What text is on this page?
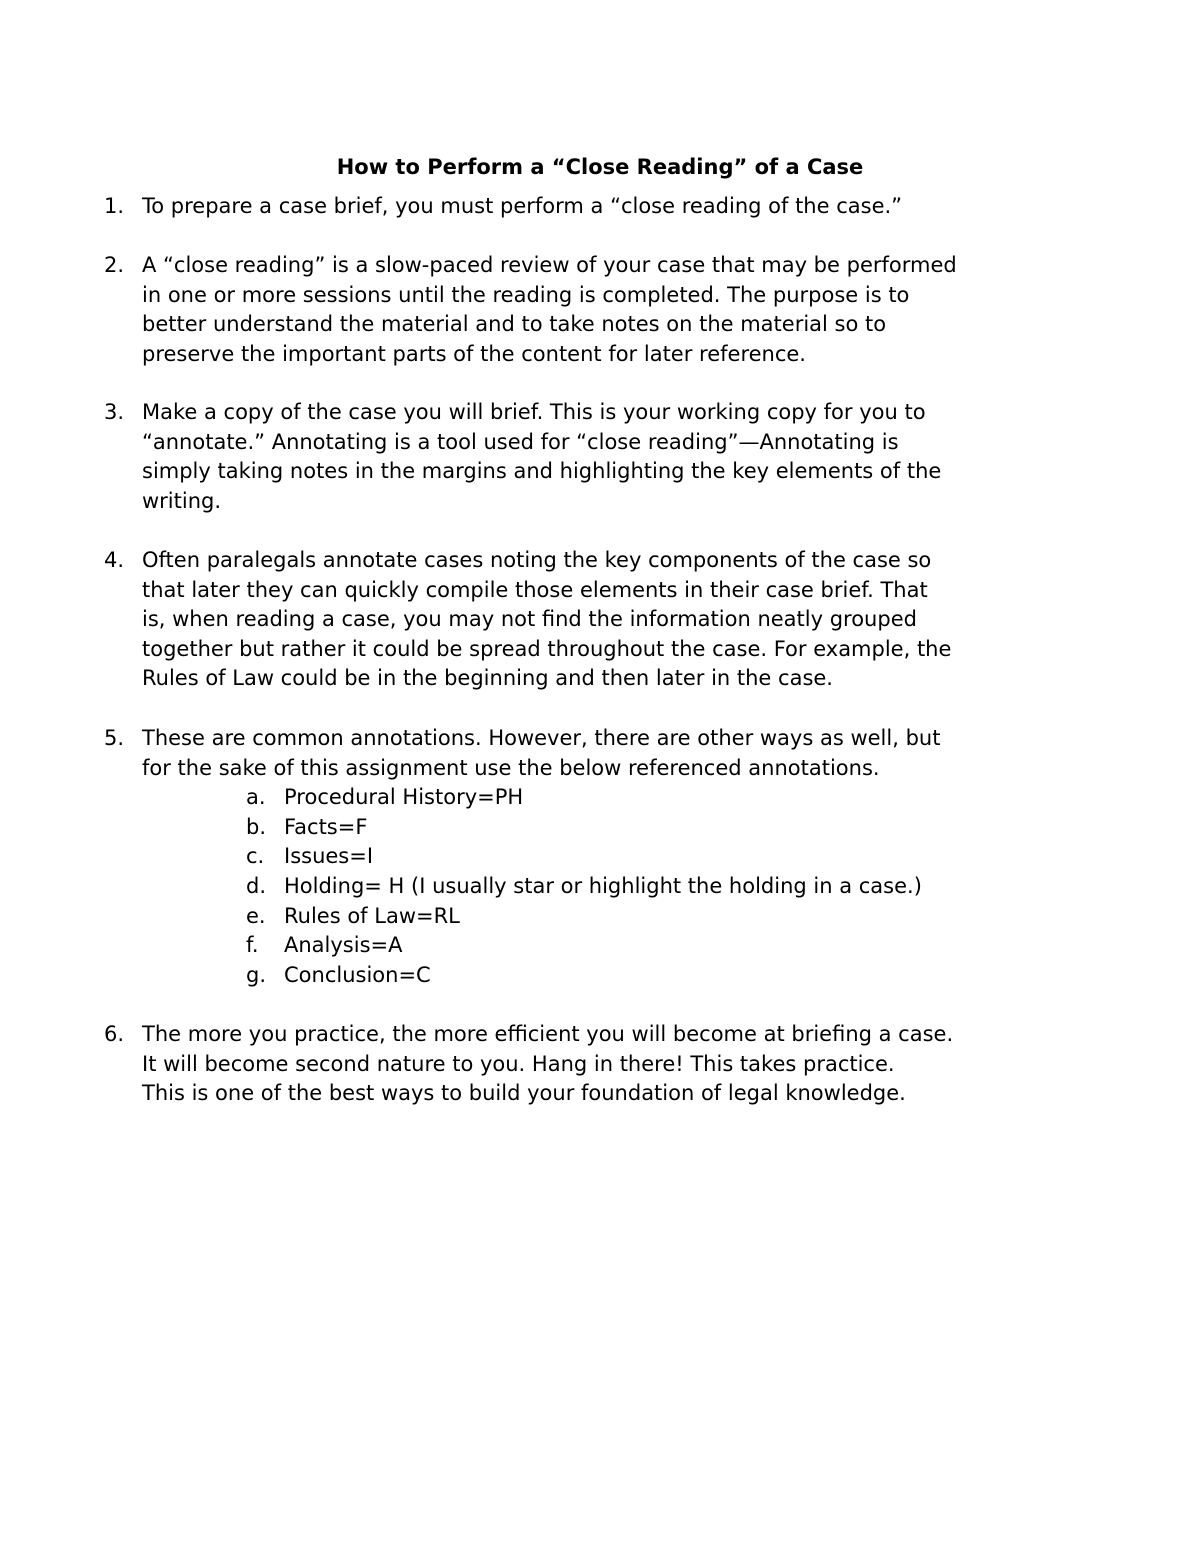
How to Perform a “Close Reading” of a Case
1. To prepare a case brief, you must perform a “close reading of the case.”
2. A “close reading” is a slow-paced review of your case that may be performed
in one or more sessions until the reading is completed. The purpose is to
better understand the material and to take notes on the material so to
preserve the important parts of the content for later reference.
3. Make a copy of the case you will brief. This is your working copy for you to
“annotate.” Annotating is a tool used for “close reading”—Annotating is
simply taking notes in the margins and highlighting the key elements of the
writing.
4. Often paralegals annotate cases noting the key components of the case so
that later they can quickly compile those elements in their case brief. That
is, when reading a case, you may not find the information neatly grouped
together but rather it could be spread throughout the case. For example, the
Rules of Law could be in the beginning and then later in the case.
5. These are common annotations. However, there are other ways as well, but
for the sake of this assignment use the below referenced annotations.
a. Procedural History=PH
b. Facts=F
c. Issues=I
d. Holding= H (I usually star or highlight the holding in a case.)
e. Rules of Law=RL
f.	Analysis=A
g. Conclusion=C
6. The more you practice, the more efficient you will become at briefing a case.
It will become second nature to you. Hang in there! This takes practice.
This is one of the best ways to build your foundation of legal knowledge.
